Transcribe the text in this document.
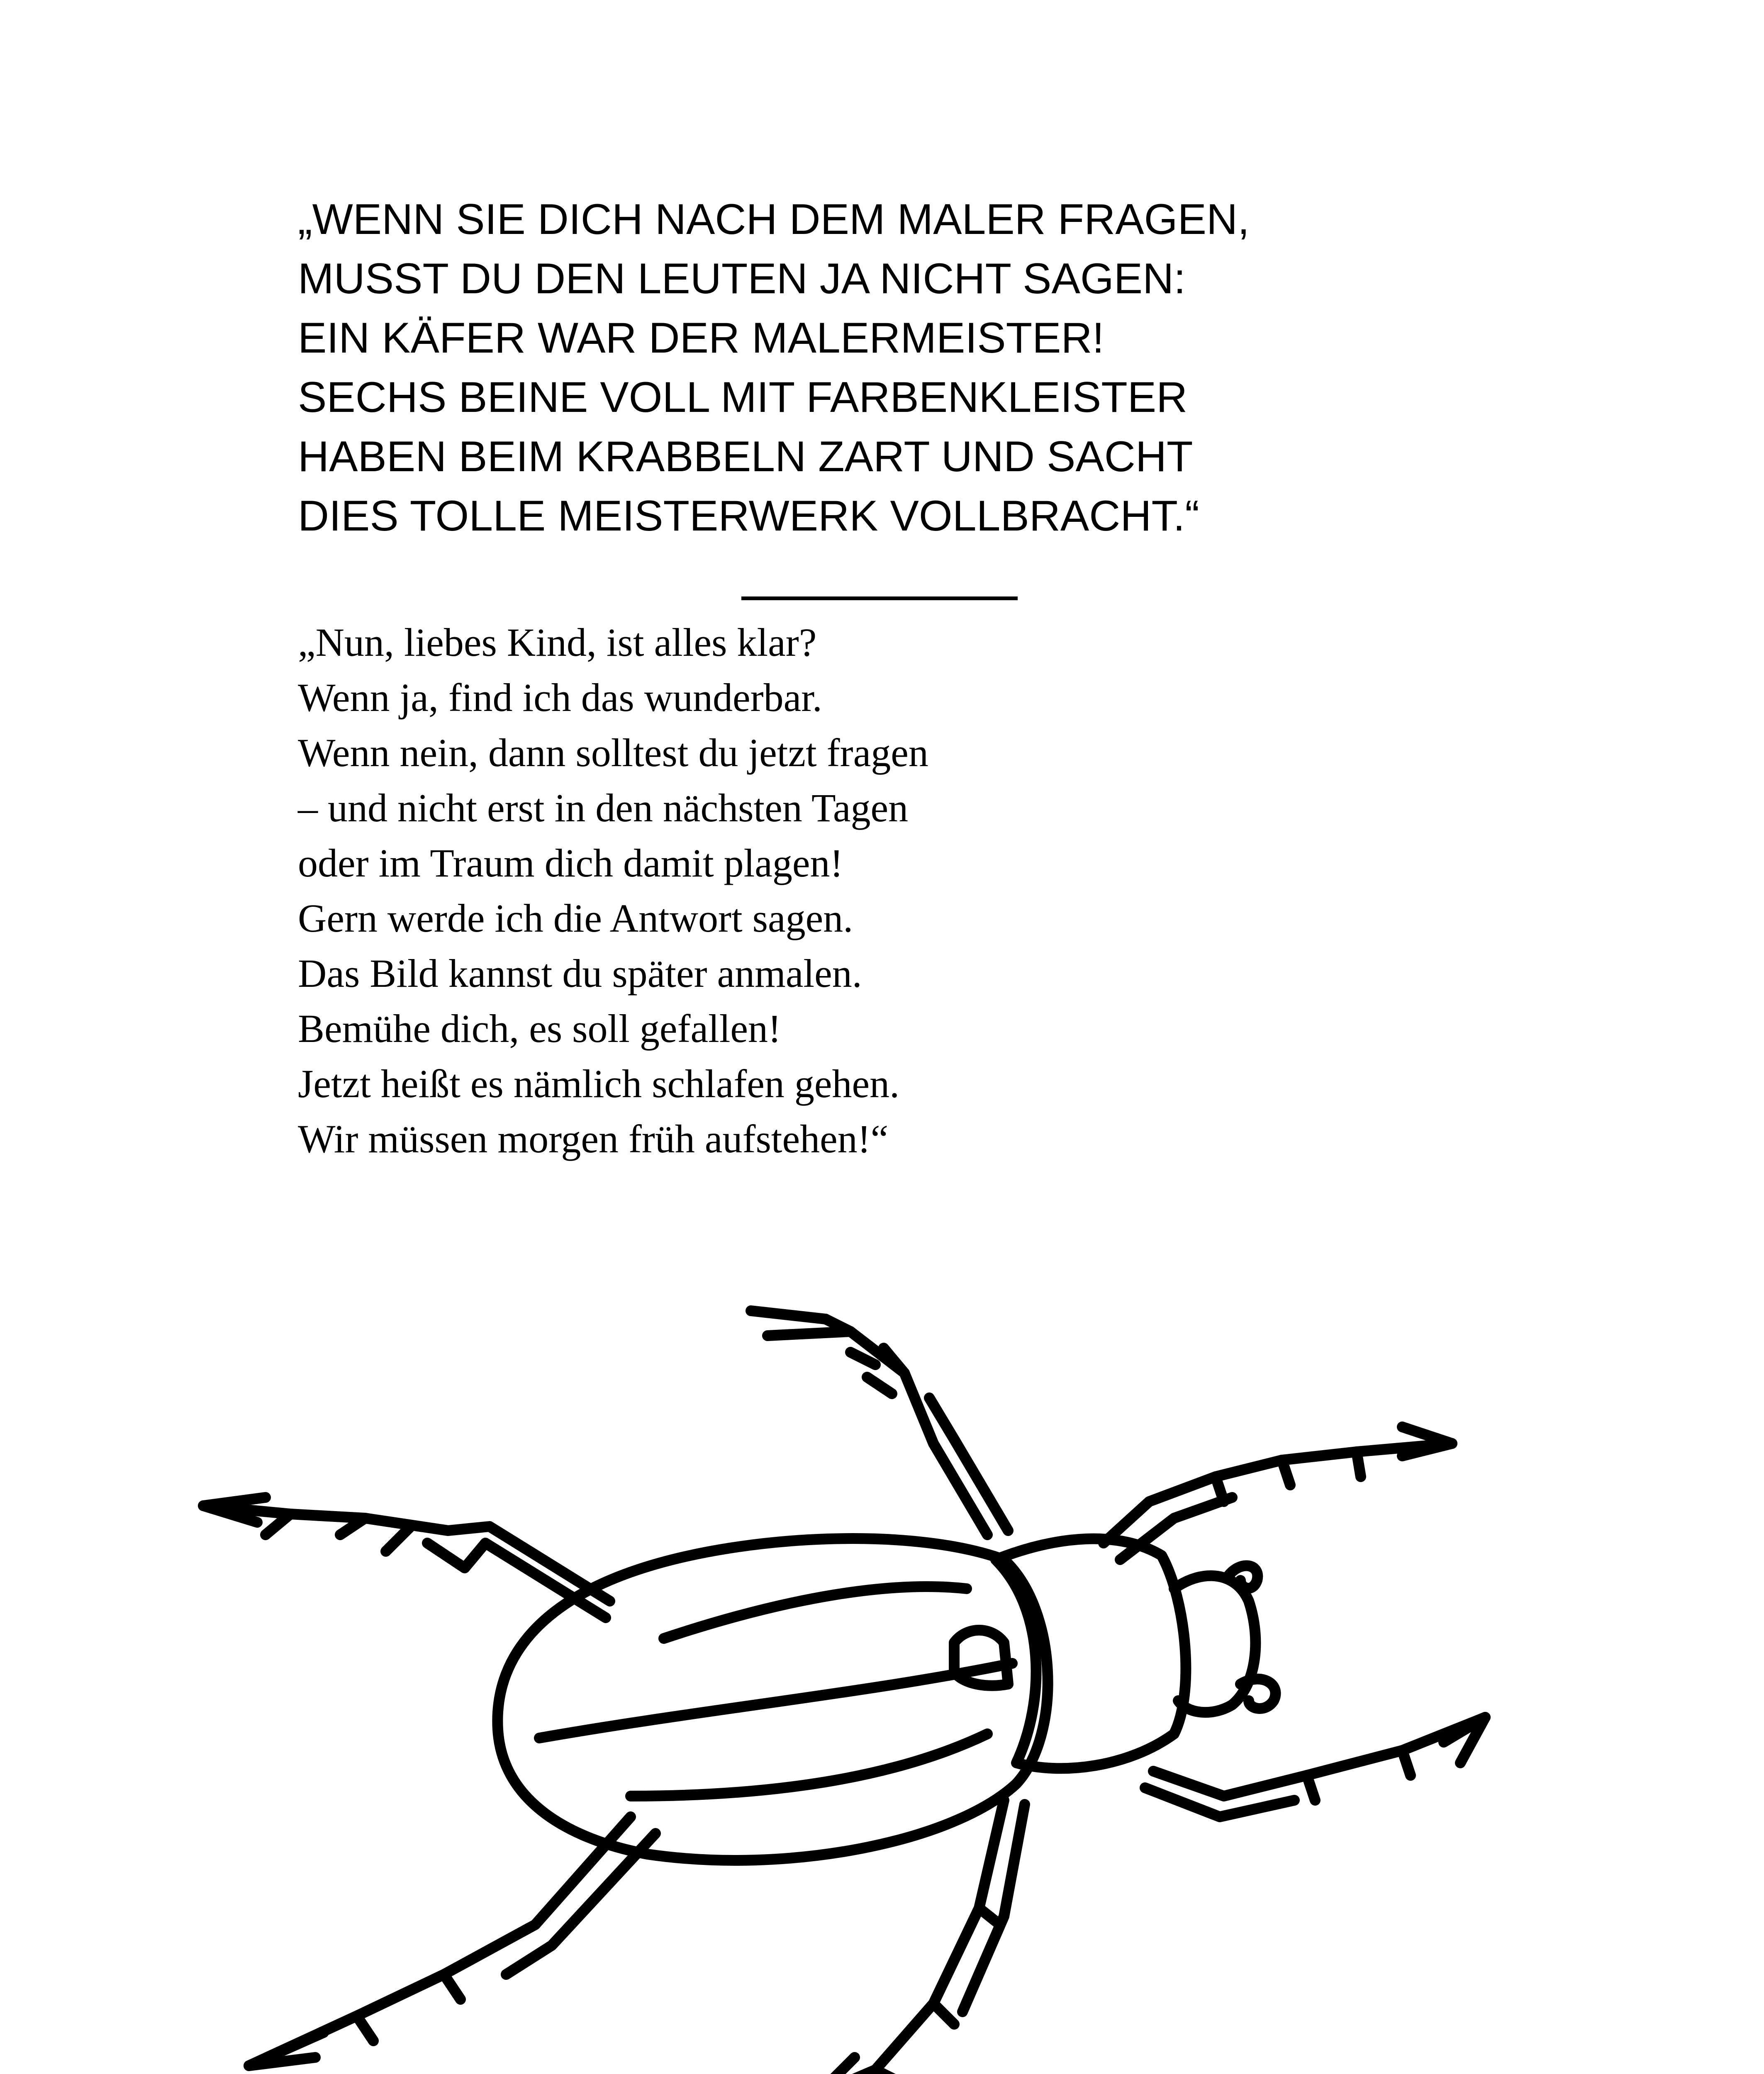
„WENN SIE DICH NACH DEM MALER FRAGEN,
MUSST DU DEN LEUTEN JA NICHT SAGEN:
EIN KÄFER WAR DER MALERMEISTER!
SECHS BEINE VOLL MIT FARBENKLEISTER
HABEN BEIM KRABBELN ZART UND SACHT
DIES TOLLE MEISTERWERK VOLLBRACHT.“
„Nun, liebes Kind, ist alles klar?
Wenn ja, find ich das wunderbar.
Wenn nein, dann solltest du jetzt fragen
– und nicht erst in den nächsten Tagen
oder im Traum dich damit plagen!
Gern werde ich die Antwort sagen.
Das Bild kannst du später anmalen.
Bemühe dich, es soll gefallen!
Jetzt heißt es nämlich schlafen gehen.
Wir müssen morgen früh aufstehen!“
